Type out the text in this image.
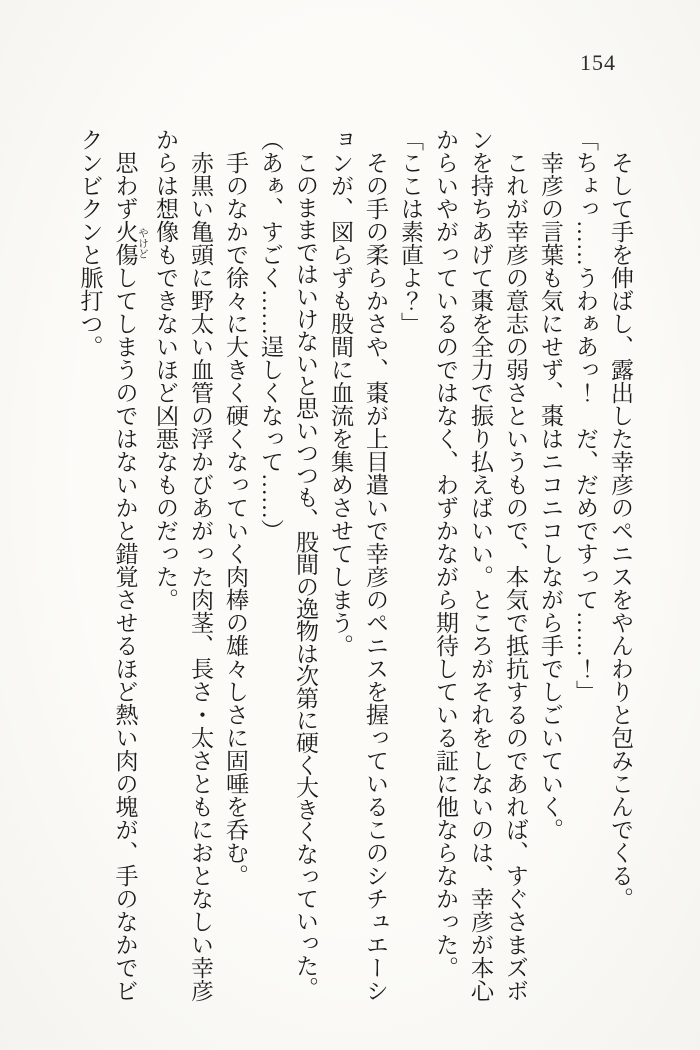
154

そして手を伸ばし、露出した幸彦のペニスをやんわりと包みこんでくる。

「ちょっ……うわぁあっ！　だ、だめですって……！」

幸彦の言葉も気にせず、棗はニコニコしながら手でしごいていく。

これが幸彦の意志の弱さというもので、本気で抵抗するのであれば、すぐさまズボンを持ちあげて棗を全力で振り払えばいい。ところがそれをしないのは、幸彦が本心からいやがっているのではなく、わずかながら期待している証に他ならなかった。

「ここは素直よ？」

その手の柔らかさや、棗が上目遣いで幸彦のペニスを握っているこのシチュエーションが、図らずも股間に血流を集めさせてしまう。

このままではいけないと思いつつも、股間の逸物は次第に硬く大きくなっていった。

（あぁ、すごく……逞しくなって……）

手のなかで徐々に大きく硬くなっていく肉棒の雄々しさに固唾を呑む。

赤黒い亀頭に野太い血管の浮かびあがった肉茎、長さ・太さともにおとなしい幸彦からは想像もできないほど凶悪なものだった。

思わず火傷 やけどしてしまうのではないかと錯覚させるほど熱い肉の塊が、手のなかでビクンビクンと脈打つ。
